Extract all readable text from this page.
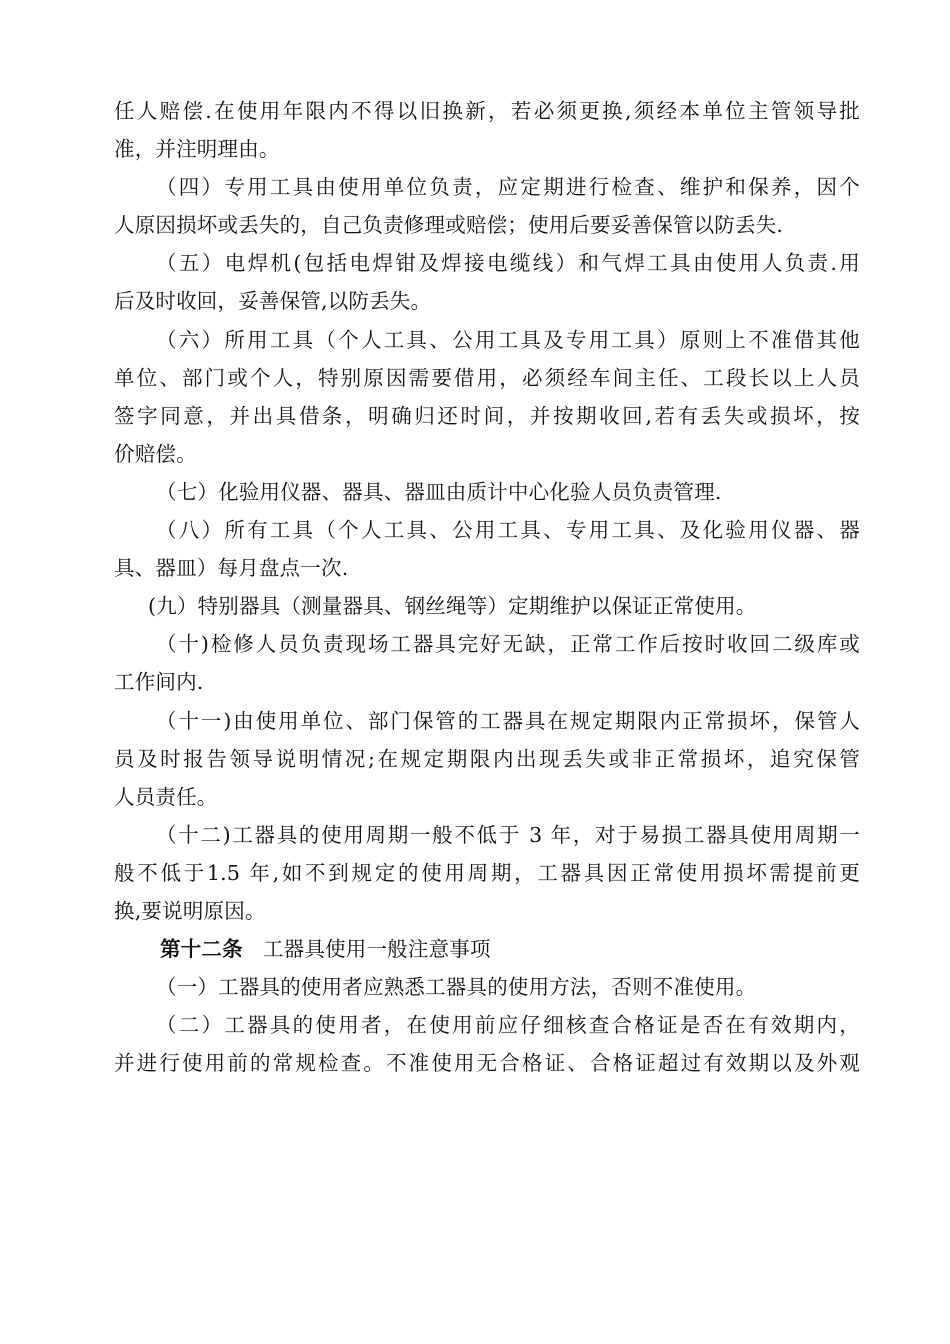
任人赔偿.在使用年限内不得以旧换新，若必须更换,须经本单位主管领导批
准，并注明理由。
（四）专用工具由使用单位负责，应定期进行检查、维护和保养，因个
人原因损坏或丢失的，自己负责修理或赔偿；使用后要妥善保管以防丢失.
（五）电焊机(包括电焊钳及焊接电缆线）和气焊工具由使用人负责.用
后及时收回，妥善保管,以防丢失。
（六）所用工具（个人工具、公用工具及专用工具）原则上不准借其他
单位、部门或个人，特别原因需要借用，必须经车间主任、工段长以上人员
签字同意，并出具借条，明确归还时间，并按期收回,若有丢失或损坏，按
价赔偿。
（七）化验用仪器、器具、器皿由质计中心化验人员负责管理.
（八）所有工具（个人工具、公用工具、专用工具、及化验用仪器、器
具、器皿）每月盘点一次.
(九）特别器具（测量器具、钢丝绳等）定期维护以保证正常使用。
（十)检修人员负责现场工器具完好无缺，正常工作后按时收回二级库或
工作间内.
（十一)由使用单位、部门保管的工器具在规定期限内正常损坏，保管人
员及时报告领导说明情况;在规定期限内出现丢失或非正常损坏，追究保管
人员责任。
（十二)工器具的使用周期一般不低于 3 年，对于易损工器具使用周期一
般不低于1.5 年,如不到规定的使用周期，工器具因正常使用损坏需提前更
换,要说明原因。
第十二条 工器具使用一般注意事项
（一）工器具的使用者应熟悉工器具的使用方法，否则不准使用。
（二）工器具的使用者，在使用前应仔细核查合格证是否在有效期内，
并进行使用前的常规检查。不准使用无合格证、合格证超过有效期以及外观
